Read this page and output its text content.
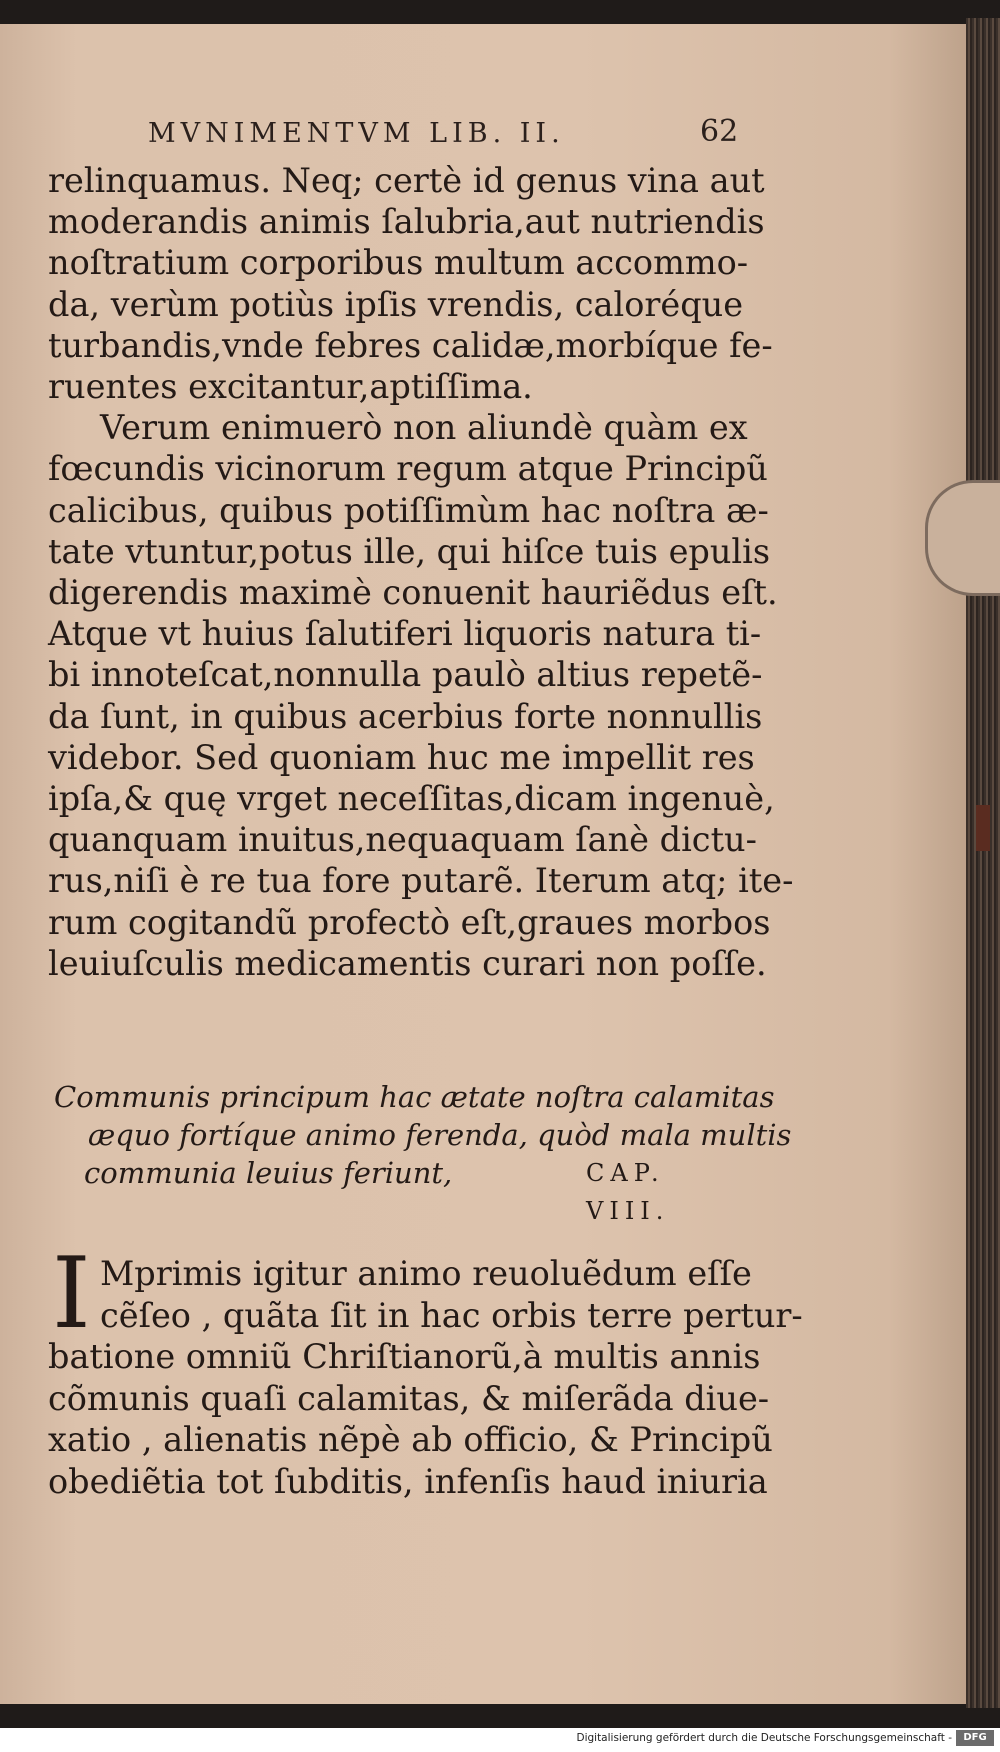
MVNIMENTVM LIB. II.	62
relinquamus. Neq; certè id genus vina aut
moderandis animis ſalubria,aut nutriendis
noſtratium corporibus multum accommo-
da, verùm potiùs ipſis vrendis, caloréque
turbandis,vnde febres calidæ,morbíque fe-
ruentes excitantur,aptiſſima.
Verum enimuerò non aliundè quàm ex
fœcundis vicinorum regum atque Principũ
calicibus, quibus potiſſimùm hac noſtra æ-
tate vtuntur,potus ille, qui hiſce tuis epulis
digerendis maximè conuenit hauriẽdus eſt.
Atque vt huius ſalutiferi liquoris natura ti-
bi innoteſcat,nonnulla paulò altius repetẽ-
da ſunt, in quibus acerbius forte nonnullis
videbor. Sed quoniam huc me impellit res
ipſa,& quę vrget neceſſitas,dicam ingenuè,
quanquam inuitus,nequaquam ſanè dictu-
rus,niſi è re tua fore putarẽ. Iterum atq; ite-
rum cogitandũ profectò eſt,graues morbos
leuiuſculis medicamentis curari non poſſe.
Communis principum hac ætate noſtra calamitas
æquo fortíque animo ferenda, quòd mala multis
communia leuius feriunt,	CAP. VIII.
I Mprimis igitur animo reuoluẽdum eſſe
cẽſeo , quãta ſit in hac orbis terre pertur-
batione omniũ Chriſtianorũ,à multis annis
cõmunis quaſi calamitas, & miſerãda diue-
xatio , alienatis nẽpè ab officio, & Principũ
obediẽtia tot ſubditis, infenſis haud iniuria
Digitalisierung gefördert durch die Deutsche Forschungsgemeinschaft -	DFG
